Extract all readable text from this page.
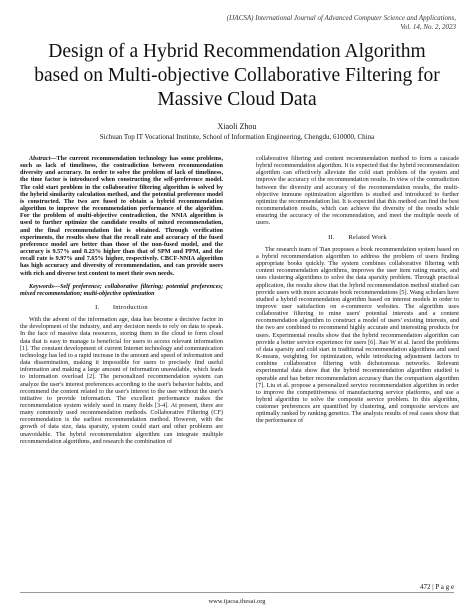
(IJACSA) International Journal of Advanced Computer Science and Applications,
Vol. 14, No. 2, 2023
Design of a Hybrid Recommendation Algorithm based on Multi-objective Collaborative Filtering for Massive Cloud Data
Xiaoli Zhou
Sichuan Top IT Vocational Institute, School of Information Engineering, Chengdu, 610000, China

Abstract—The current recommendation technology has some problems, such as lack of timeliness, the contradiction between recommendation diversity and accuracy. In order to solve the problem of lack of timeliness, the time factor is introduced when constructing the self-preference model. The cold start problem in the collaborative filtering algorithm is solved by the hybrid similarity calculation method, and the potential preference model is constructed. The two are fused to obtain a hybrid recommendation algorithm to improve the recommendation performance of the algorithm. For the problem of multi-objective contradiction, the NNIA algorithm is used to further optimize the candidate results of mixed recommendation, and the final recommendation list is obtained. Through verification experiments, the results show that the recall rate and accuracy of the fused preference model are better than those of the non-fused model, and the accuracy is 9.57% and 8.23% higher than that of SPM and PPM, and the recall rate is 9.97% and 7.65% higher, respectively. CBCF-NNIA algorithm has high accuracy and diversity of recommendation, and can provide users with rich and diverse text content to meet their own needs.

Keywords—Self preference; collaborative filtering; potential preferences; mixed recommendation; multi-objective optimization

I.  Introduction

With the advent of the information age, data has become a decisive factor in the development of the industry, and any decision needs to rely on data to speak. In the face of massive data resources, storing them in the cloud to form cloud data that is easy to manage is beneficial for users to access relevant information [1]. The constant development of current Internet technology and communication technology has led to a rapid increase in the amount and speed of information and data dissemination, making it impossible for users to precisely find useful information and making a large amount of information unavailable, which leads to information overload [2]. The personalized recommendation system can analyze the user's interest preferences according to the user's behavior habits, and recommend the content related to the user's interest to the user without the user's initiative to provide information. The excellent performance makes the recommendation system widely used in many fields [3-4]. At present, there are many commonly used recommendation methods. Collaborative Filtering (CF) recommendation is the earliest recommendation method. However, with the growth of data size, data sparsity, system could start and other problems are unavoidable. The hybrid recommendation algorithm can integrate multiple recommendation algorithms, and research the combination of

collaborative filtering and content recommendation method to form a cascade hybrid recommendation algorithm. It is expected that the hybrid recommendation algorithm can effectively alleviate the cold start problem of the system and improve the accuracy of the recommendation results. In view of the contradiction between the diversity and accuracy of the recommendation results, the multi-objective immune optimization algorithm is studied and introduced to further optimize the recommendation list. It is expected that this method can find the best recommendation results, which can achieve the diversity of the results while ensuring the accuracy of the recommendation, and meet the multiple needs of users.

II.  Related Work

The research team of Tian proposes a book recommendation system based on a hybrid recommendation algorithm to address the problem of users finding appropriate books quickly. The system combines collaborative filtering with content recommendation algorithms, improves the user item rating matrix, and uses clustering algorithms to solve the data sparsity problem. Through practical application, the results show that the hybrid recommendation method studied can provide users with more accurate book recommendations [5]. Wang scholars have studied a hybrid recommendation algorithm based on interest models in order to improve user satisfaction on e-commerce websites. The algorithm uses collaborative filtering to mine users' potential interests and a content recommendation algorithm to construct a model of users' existing interests, and the two are combined to recommend highly accurate and interesting products for users. Experimental results show that the hybrid recommendation algorithm can provide a better service experience for users [6]. Jiao W et al. faced the problems of data sparsity and cold start in traditional recommendation algorithms and used K-means, weighting for optimization, while introducing adjustment factors to combine collaborative filtering with dichotomous networks. Relevant experimental data show that the hybrid recommendation algorithm studied is operable and has better recommendation accuracy than the comparison algorithm [7]. Liu et al. propose a personalized service recommendation algorithm in order to improve the competitiveness of manufacturing service platforms, and use a hybrid algorithm to solve the composite service problem. In this algorithm, customer preferences are quantified by clustering, and composite services are optimally ranked by ranking genetics. The analysis results of real cases show that the performance of

472 | P a g e
www.ijacsa.thesai.org
